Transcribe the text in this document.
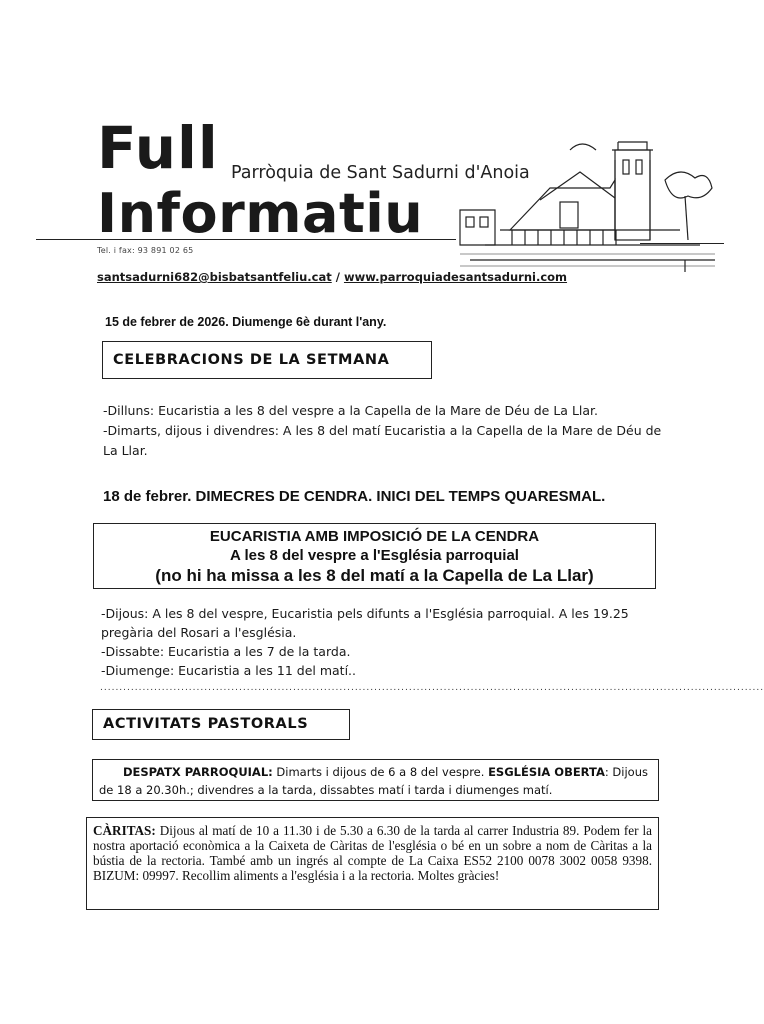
Full Parròquia de Sant Sadurni d'Anoia
Informatiu
Tel. i fax: 93 891 02 65
santsadurni682@bisbatsantfeliu.cat / www.parroquiadesantsadurni.com
15 de febrer de 2026. Diumenge 6è durant l'any.
CELEBRACIONS DE LA SETMANA
-Dilluns: Eucaristia a les 8 del vespre a la Capella de la Mare de Déu de La Llar.
-Dimarts, dijous i divendres: A les 8 del matí Eucaristia a la Capella de la Mare de Déu de La Llar.
18 de febrer. DIMECRES DE CENDRA. INICI DEL TEMPS QUARESMAL.
EUCARISTIA AMB IMPOSICIÓ DE LA CENDRA
A les 8 del vespre a l'Església parroquial
(no hi ha missa a les 8 del matí a la Capella de La Llar)
-Dijous: A les 8 del vespre, Eucaristia pels difunts a l'Església parroquial. A les 19.25 pregària del Rosari a l'església.
-Dissabte: Eucaristia a les 7 de la tarda.
-Diumenge: Eucaristia a les 11 del matí..
............................................................................................................................................................................
ACTIVITATS PASTORALS
DESPATX PARROQUIAL: Dimarts i dijous de 6 a 8 del vespre. ESGLÉSIA OBERTA: Dijous de 18 a 20.30h.; divendres a la tarda, dissabtes matí i tarda i diumenges matí.
CÀRITAS: Dijous al matí de 10 a 11.30 i de 5.30 a 6.30 de la tarda al carrer Industria 89. Podem fer la nostra aportació econòmica a la Caixeta de Càritas de l'església o bé en un sobre a nom de Càritas a la bústia de la rectoria. També amb un ingrés al compte de La Caixa ES52 2100 0078 3002 0058 9398. BIZUM: 09997. Recollim aliments a l'església i a la rectoria. Moltes gràcies!
